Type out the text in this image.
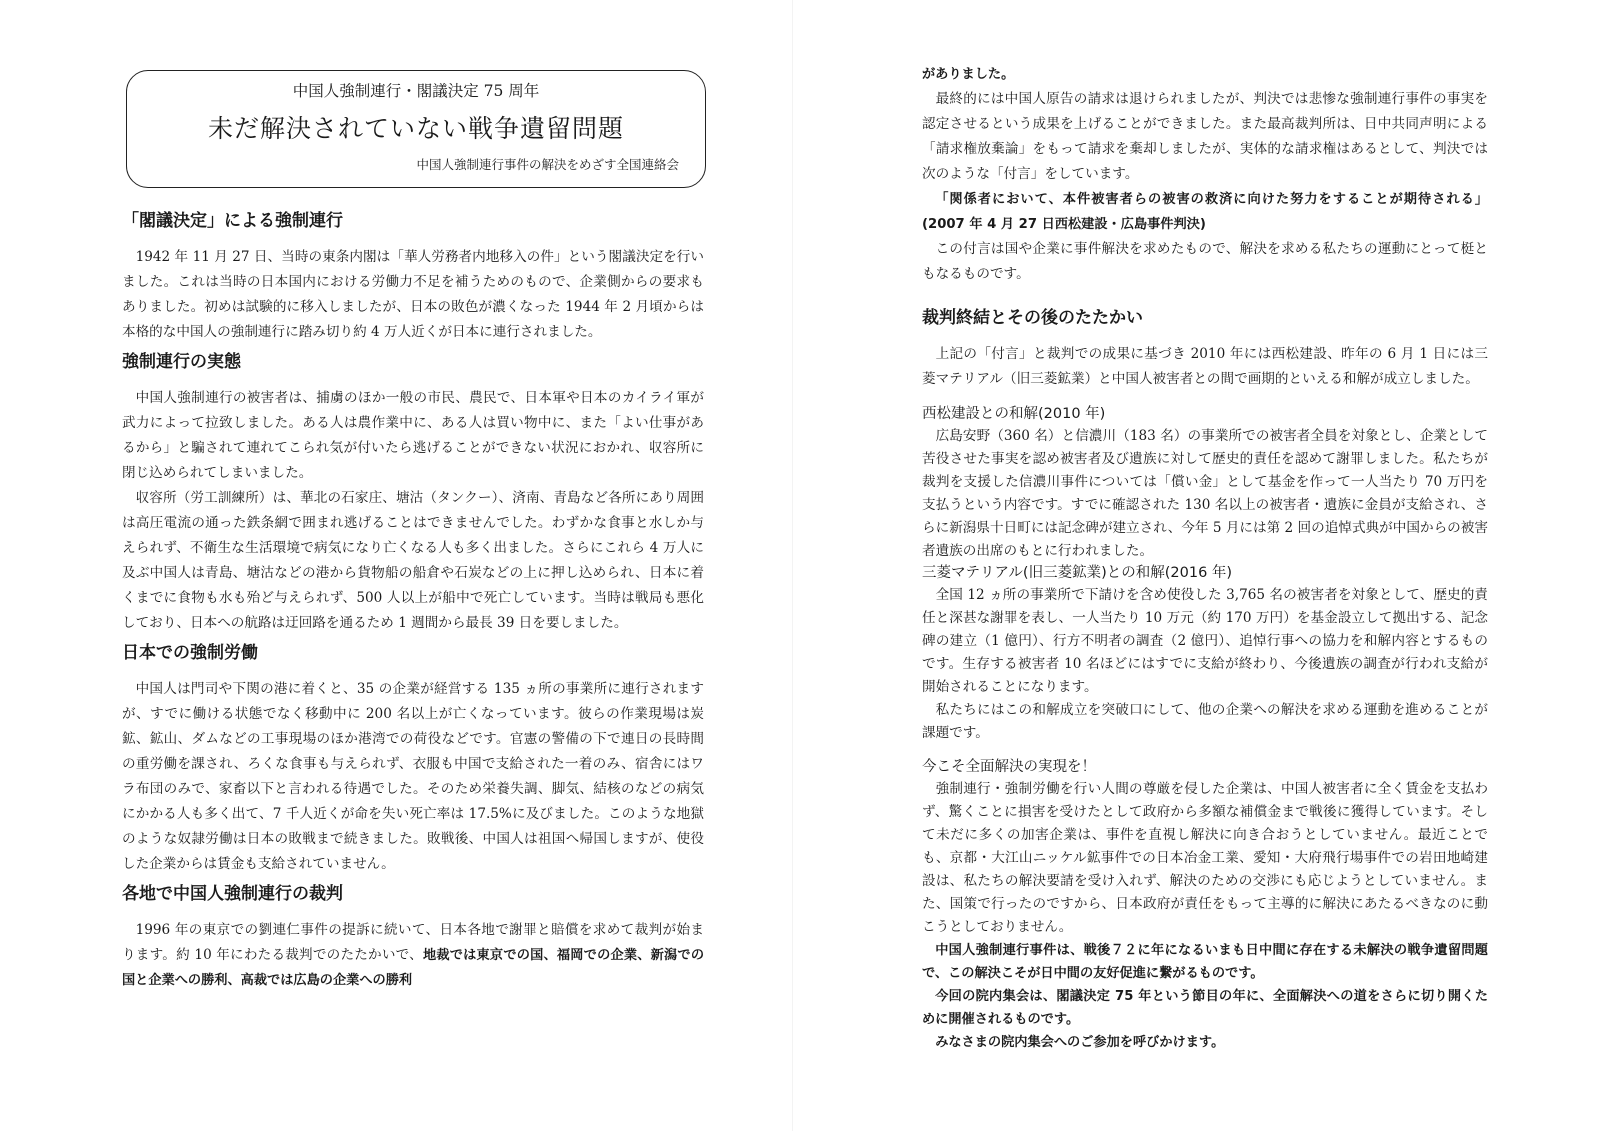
中国人強制連行・閣議決定 75 周年
未だ解決されていない戦争遺留問題
中国人強制連行事件の解決をめざす全国連絡会
「閣議決定」による強制連行

1942 年 11 月 27 日、当時の東条内閣は「華人労務者内地移入の件」という閣議決定を行いました。これは当時の日本国内における労働力不足を補うためのもので、企業側からの要求もありました。初めは試験的に移入しましたが、日本の敗色が濃くなった 1944 年 2 月頃からは本格的な中国人の強制連行に踏み切り約 4 万人近くが日本に連行されました。

強制連行の実態

中国人強制連行の被害者は、捕虜のほか一般の市民、農民で、日本軍や日本のカイライ軍が武力によって拉致しました。ある人は農作業中に、ある人は買い物中に、また「よい仕事があるから」と騙されて連れてこられ気が付いたら逃げることができない状況におかれ、収容所に閉じ込められてしまいました。

収容所（労工訓練所）は、華北の石家庄、塘沽（タンクー）、済南、青島など各所にあり周囲は高圧電流の通った鉄条網で囲まれ逃げることはできませんでした。わずかな食事と水しか与えられず、不衛生な生活環境で病気になり亡くなる人も多く出ました。さらにこれら 4 万人に及ぶ中国人は青島、塘沽などの港から貨物船の船倉や石炭などの上に押し込められ、日本に着くまでに食物も水も殆ど与えられず、500 人以上が船中で死亡しています。当時は戦局も悪化しており、日本への航路は迂回路を通るため 1 週間から最長 39 日を要しました。

日本での強制労働

中国人は門司や下関の港に着くと、35 の企業が経営する 135 ヵ所の事業所に連行されますが、すでに働ける状態でなく移動中に 200 名以上が亡くなっています。彼らの作業現場は炭鉱、鉱山、ダムなどの工事現場のほか港湾での荷役などです。官憲の警備の下で連日の長時間の重労働を課され、ろくな食事も与えられず、衣服も中国で支給された一着のみ、宿舎にはワラ布団のみで、家畜以下と言われる待遇でした。そのため栄養失調、脚気、結核のなどの病気にかかる人も多く出て、7 千人近くが命を失い死亡率は 17.5%に及びました。このような地獄のような奴隷労働は日本の敗戦まで続きました。敗戦後、中国人は祖国へ帰国しますが、使役した企業からは賃金も支給されていません。

各地で中国人強制連行の裁判

1996 年の東京での劉連仁事件の提訴に続いて、日本各地で謝罪と賠償を求めて裁判が始まります。約 10 年にわたる裁判でのたたかいで、地裁では東京での国、福岡での企業、新潟での国と企業への勝利、高裁では広島の企業への勝利

がありました。

最終的には中国人原告の請求は退けられましたが、判決では悲惨な強制連行事件の事実を認定させるという成果を上げることができました。また最高裁判所は、日中共同声明による「請求権放棄論」をもって請求を棄却しましたが、実体的な請求権はあるとして、判決では次のような「付言」をしています。

「関係者において、本件被害者らの被害の救済に向けた努力をすることが期待される」(2007 年 4 月 27 日西松建設・広島事件判決)

この付言は国や企業に事件解決を求めたもので、解決を求める私たちの運動にとって梃ともなるものです。

裁判終結とその後のたたかい

上記の「付言」と裁判での成果に基づき 2010 年には西松建設、昨年の 6 月 1 日には三菱マテリアル（旧三菱鉱業）と中国人被害者との間で画期的といえる和解が成立しました。

西松建設との和解(2010 年)

広島安野（360 名）と信濃川（183 名）の事業所での被害者全員を対象とし、企業として苦役させた事実を認め被害者及び遺族に対して歴史的責任を認めて謝罪しました。私たちが裁判を支援した信濃川事件については「償い金」として基金を作って一人当たり 70 万円を支払うという内容です。すでに確認された 130 名以上の被害者・遺族に金員が支給され、さらに新潟県十日町には記念碑が建立され、今年 5 月には第 2 回の追悼式典が中国からの被害者遺族の出席のもとに行われました。

三菱マテリアル(旧三菱鉱業)との和解(2016 年)

全国 12 ヵ所の事業所で下請けを含め使役した 3,765 名の被害者を対象として、歴史的責任と深甚な謝罪を表し、一人当たり 10 万元（約 170 万円）を基金設立して拠出する、記念碑の建立（1 億円）、行方不明者の調査（2 億円）、追悼行事への協力を和解内容とするものです。生存する被害者 10 名ほどにはすでに支給が終わり、今後遺族の調査が行われ支給が開始されることになります。

私たちにはこの和解成立を突破口にして、他の企業への解決を求める運動を進めることが課題です。

今こそ全面解決の実現を！

強制連行・強制労働を行い人間の尊厳を侵した企業は、中国人被害者に全く賃金を支払わず、驚くことに損害を受けたとして政府から多額な補償金まで戦後に獲得しています。そして未だに多くの加害企業は、事件を直視し解決に向き合おうとしていません。最近ことでも、京都・大江山ニッケル鉱事件での日本冶金工業、愛知・大府飛行場事件での岩田地崎建設は、私たちの解決要請を受け入れず、解決のための交渉にも応じようとしていません。また、国策で行ったのですから、日本政府が責任をもって主導的に解決にあたるべきなのに動こうとしておりません。

中国人強制連行事件は、戦後７２に年になるいまも日中間に存在する未解決の戦争遺留問題で、この解決こそが日中間の友好促進に繋がるものです。

今回の院内集会は、閣議決定 75 年という節目の年に、全面解決への道をさらに切り開くために開催されるものです。

みなさまの院内集会へのご参加を呼びかけます。
